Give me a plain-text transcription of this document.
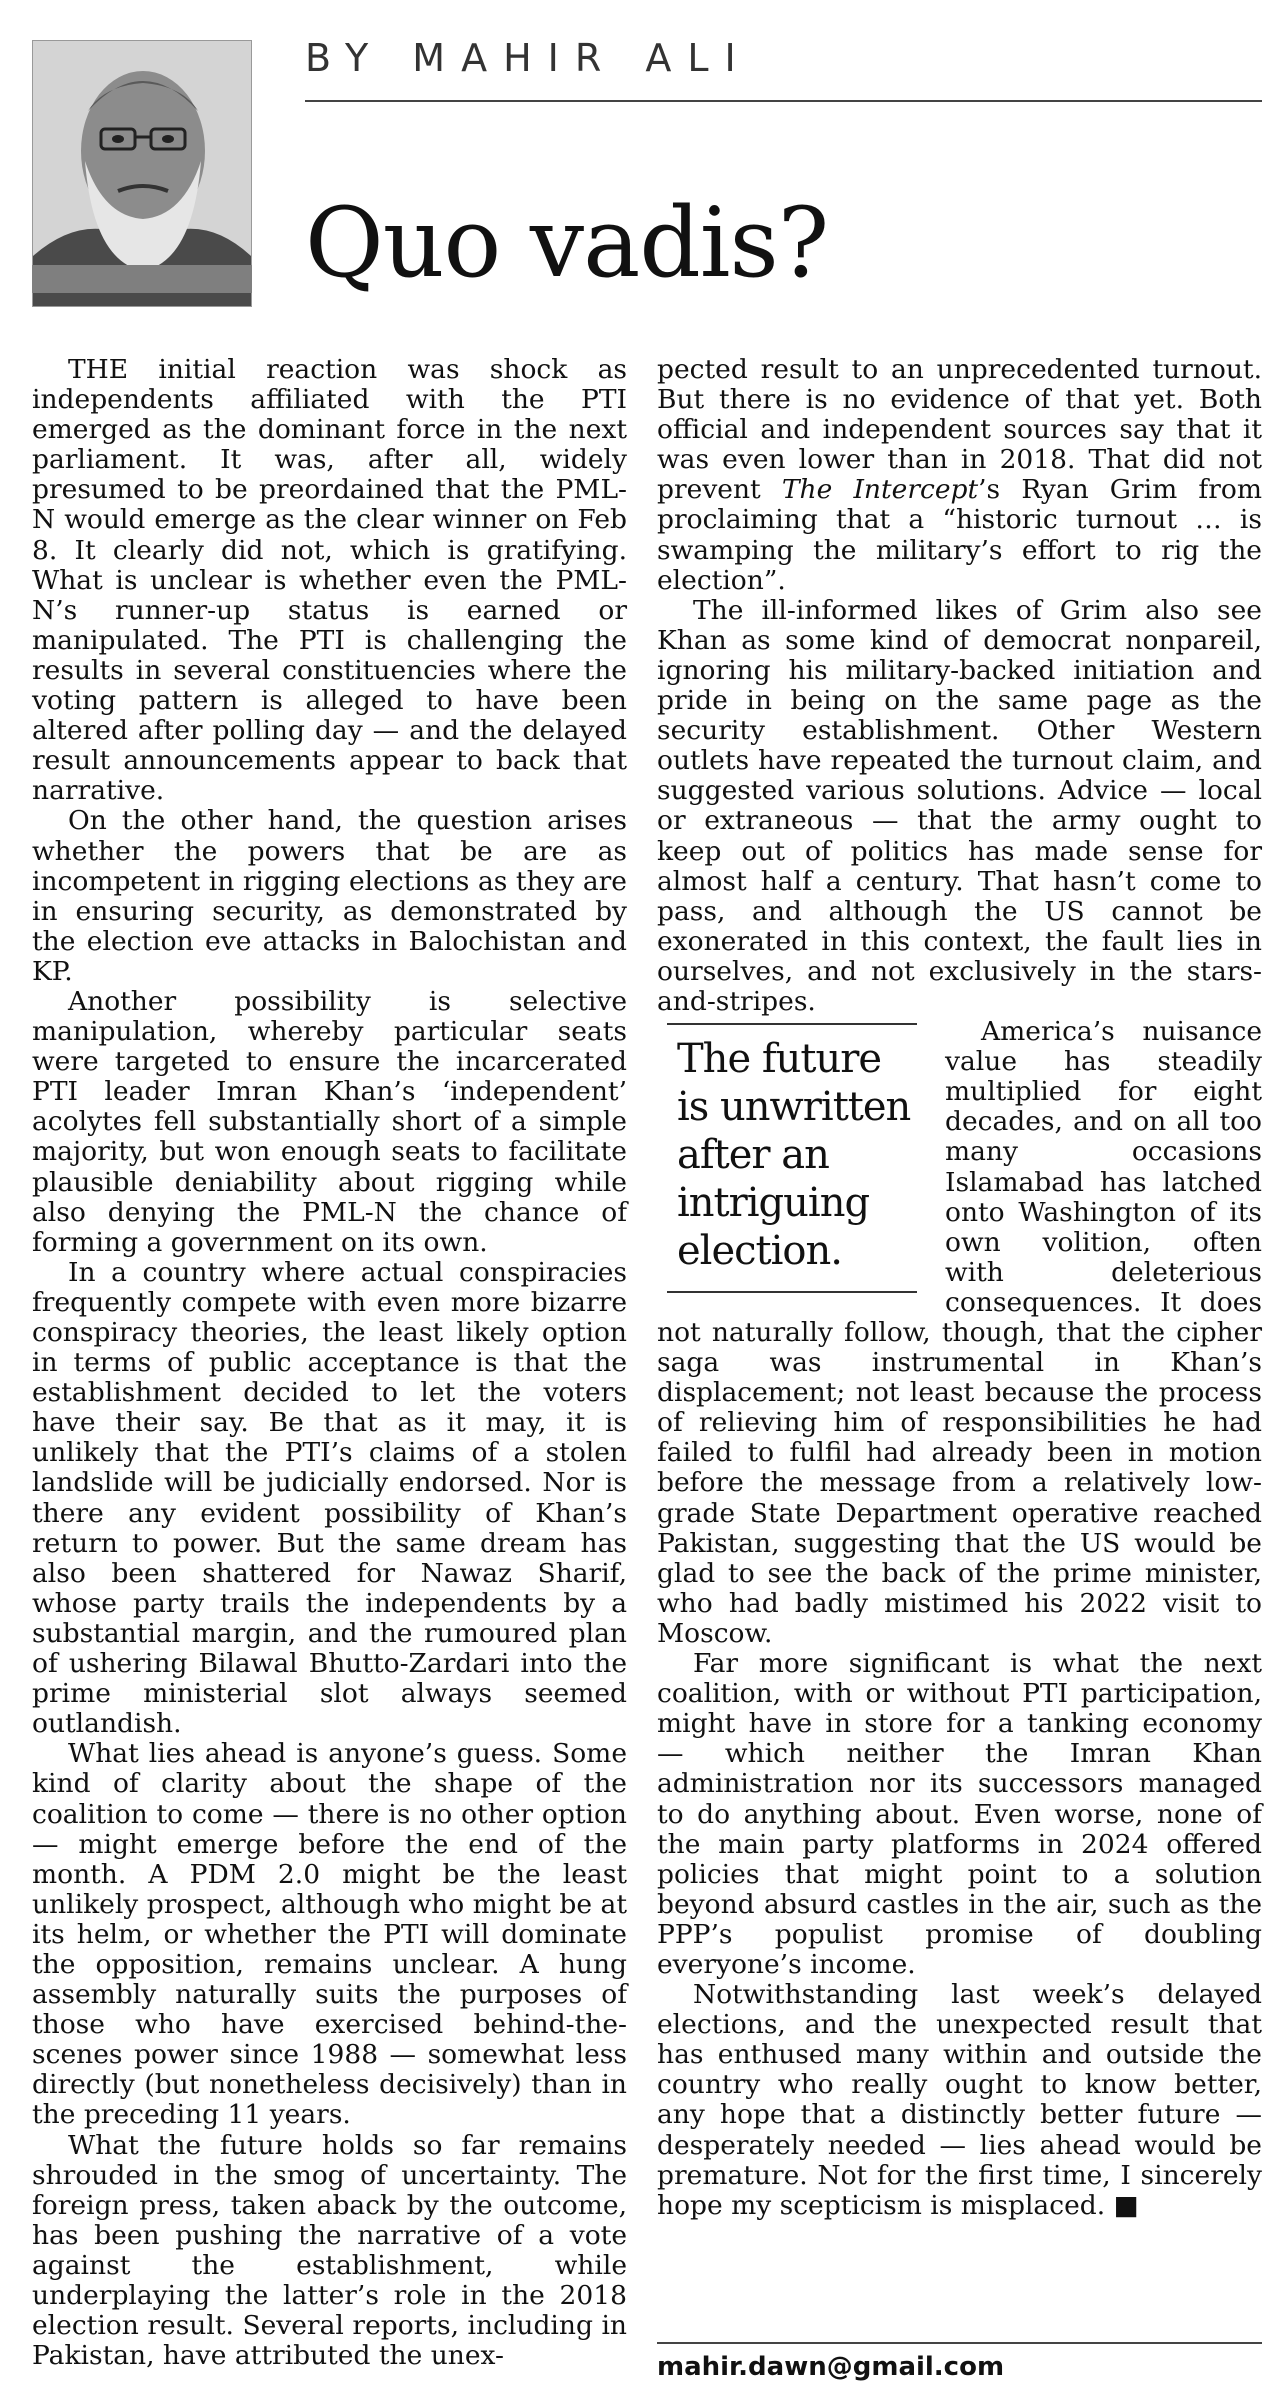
BY MAHIR ALI
Quo vadis?

THE initial reaction was shock as independents affiliated with the PTI emerged as the dominant force in the next parliament. It was, after all, widely presumed to be preordained that the PML-N would emerge as the clear winner on Feb 8. It clearly did not, which is gratifying. What is unclear is whether even the PML-N’s runner-up status is earned or manipulated. The PTI is challenging the results in several constituencies where the voting pattern is alleged to have been altered after polling day — and the delayed result announcements appear to back that narrative.

On the other hand, the question arises whether the powers that be are as incompetent in rigging elections as they are in ensuring security, as demonstrated by the election eve attacks in Balochistan and KP.

Another possibility is selective manipulation, whereby particular seats were targeted to ensure the incarcerated PTI leader Imran Khan’s ‘independent’ acolytes fell substantially short of a simple majority, but won enough seats to facilitate plausible deniability about rigging while also denying the PML-N the chance of forming a government on its own.

In a country where actual conspiracies frequently compete with even more bizarre conspiracy theories, the least likely option in terms of public acceptance is that the establishment decided to let the voters have their say. Be that as it may, it is unlikely that the PTI’s claims of a stolen landslide will be judicially endorsed. Nor is there any evident possibility of Khan’s return to power. But the same dream has also been shattered for Nawaz Sharif, whose party trails the independents by a substantial margin, and the rumoured plan of ushering Bilawal Bhutto-Zardari into the prime ministerial slot always seemed outlandish.

What lies ahead is anyone’s guess. Some kind of clarity about the shape of the coalition to come — there is no other option — might emerge before the end of the month. A PDM 2.0 might be the least unlikely prospect, although who might be at its helm, or whether the PTI will dominate the opposition, remains unclear. A hung assembly naturally suits the purposes of those who have exercised behind-the-scenes power since 1988 — somewhat less directly (but nonetheless decisively) than in the preceding 11 years.

What the future holds so far remains shrouded in the smog of uncertainty. The foreign press, taken aback by the outcome, has been pushing the narrative of a vote against the establishment, while underplaying the latter’s role in the 2018 election result. Several reports, including in Pakistan, have attributed the unex-

pected result to an unprecedented turnout. But there is no evidence of that yet. Both official and independent sources say that it was even lower than in 2018. That did not prevent The Intercept’s Ryan Grim from proclaiming that a “historic turnout … is swamping the military’s effort to rig the election”.

The ill-informed likes of Grim also see Khan as some kind of democrat nonpareil, ignoring his military-backed initiation and pride in being on the same page as the security establishment. Other Western outlets have repeated the turnout claim, and suggested various solutions. Advice — local or extraneous — that the army ought to keep out of politics has made sense for almost half a century. That hasn’t come to pass, and although the US cannot be exonerated in this context, the fault lies in ourselves, and not exclusively in the stars-and-stripes.

The future
is unwritten
after an
intriguing
election.

America’s nuisance value has steadily multiplied for eight decades, and on all too many occasions Islamabad has latched onto Washington of its own volition, often with deleterious consequences. It does not naturally follow, though, that the cipher saga was instrumental in Khan’s displacement; not least because the process of relieving him of responsibilities he had failed to fulfil had already been in motion before the message from a relatively low-grade State Department operative reached Pakistan, suggesting that the US would be glad to see the back of the prime minister, who had badly mistimed his 2022 visit to Moscow.

Far more significant is what the next coalition, with or without PTI participation, might have in store for a tanking economy — which neither the Imran Khan administration nor its successors managed to do anything about. Even worse, none of the main party platforms in 2024 offered policies that might point to a solution beyond absurd castles in the air, such as the PPP’s populist promise of doubling everyone’s income.

Notwithstanding last week’s delayed elections, and the unexpected result that has enthused many within and outside the country who really ought to know better, any hope that a distinctly better future — desperately needed — lies ahead would be premature. Not for the first time, I sincerely hope my scepticism is misplaced. ■

mahir.dawn@gmail.com
